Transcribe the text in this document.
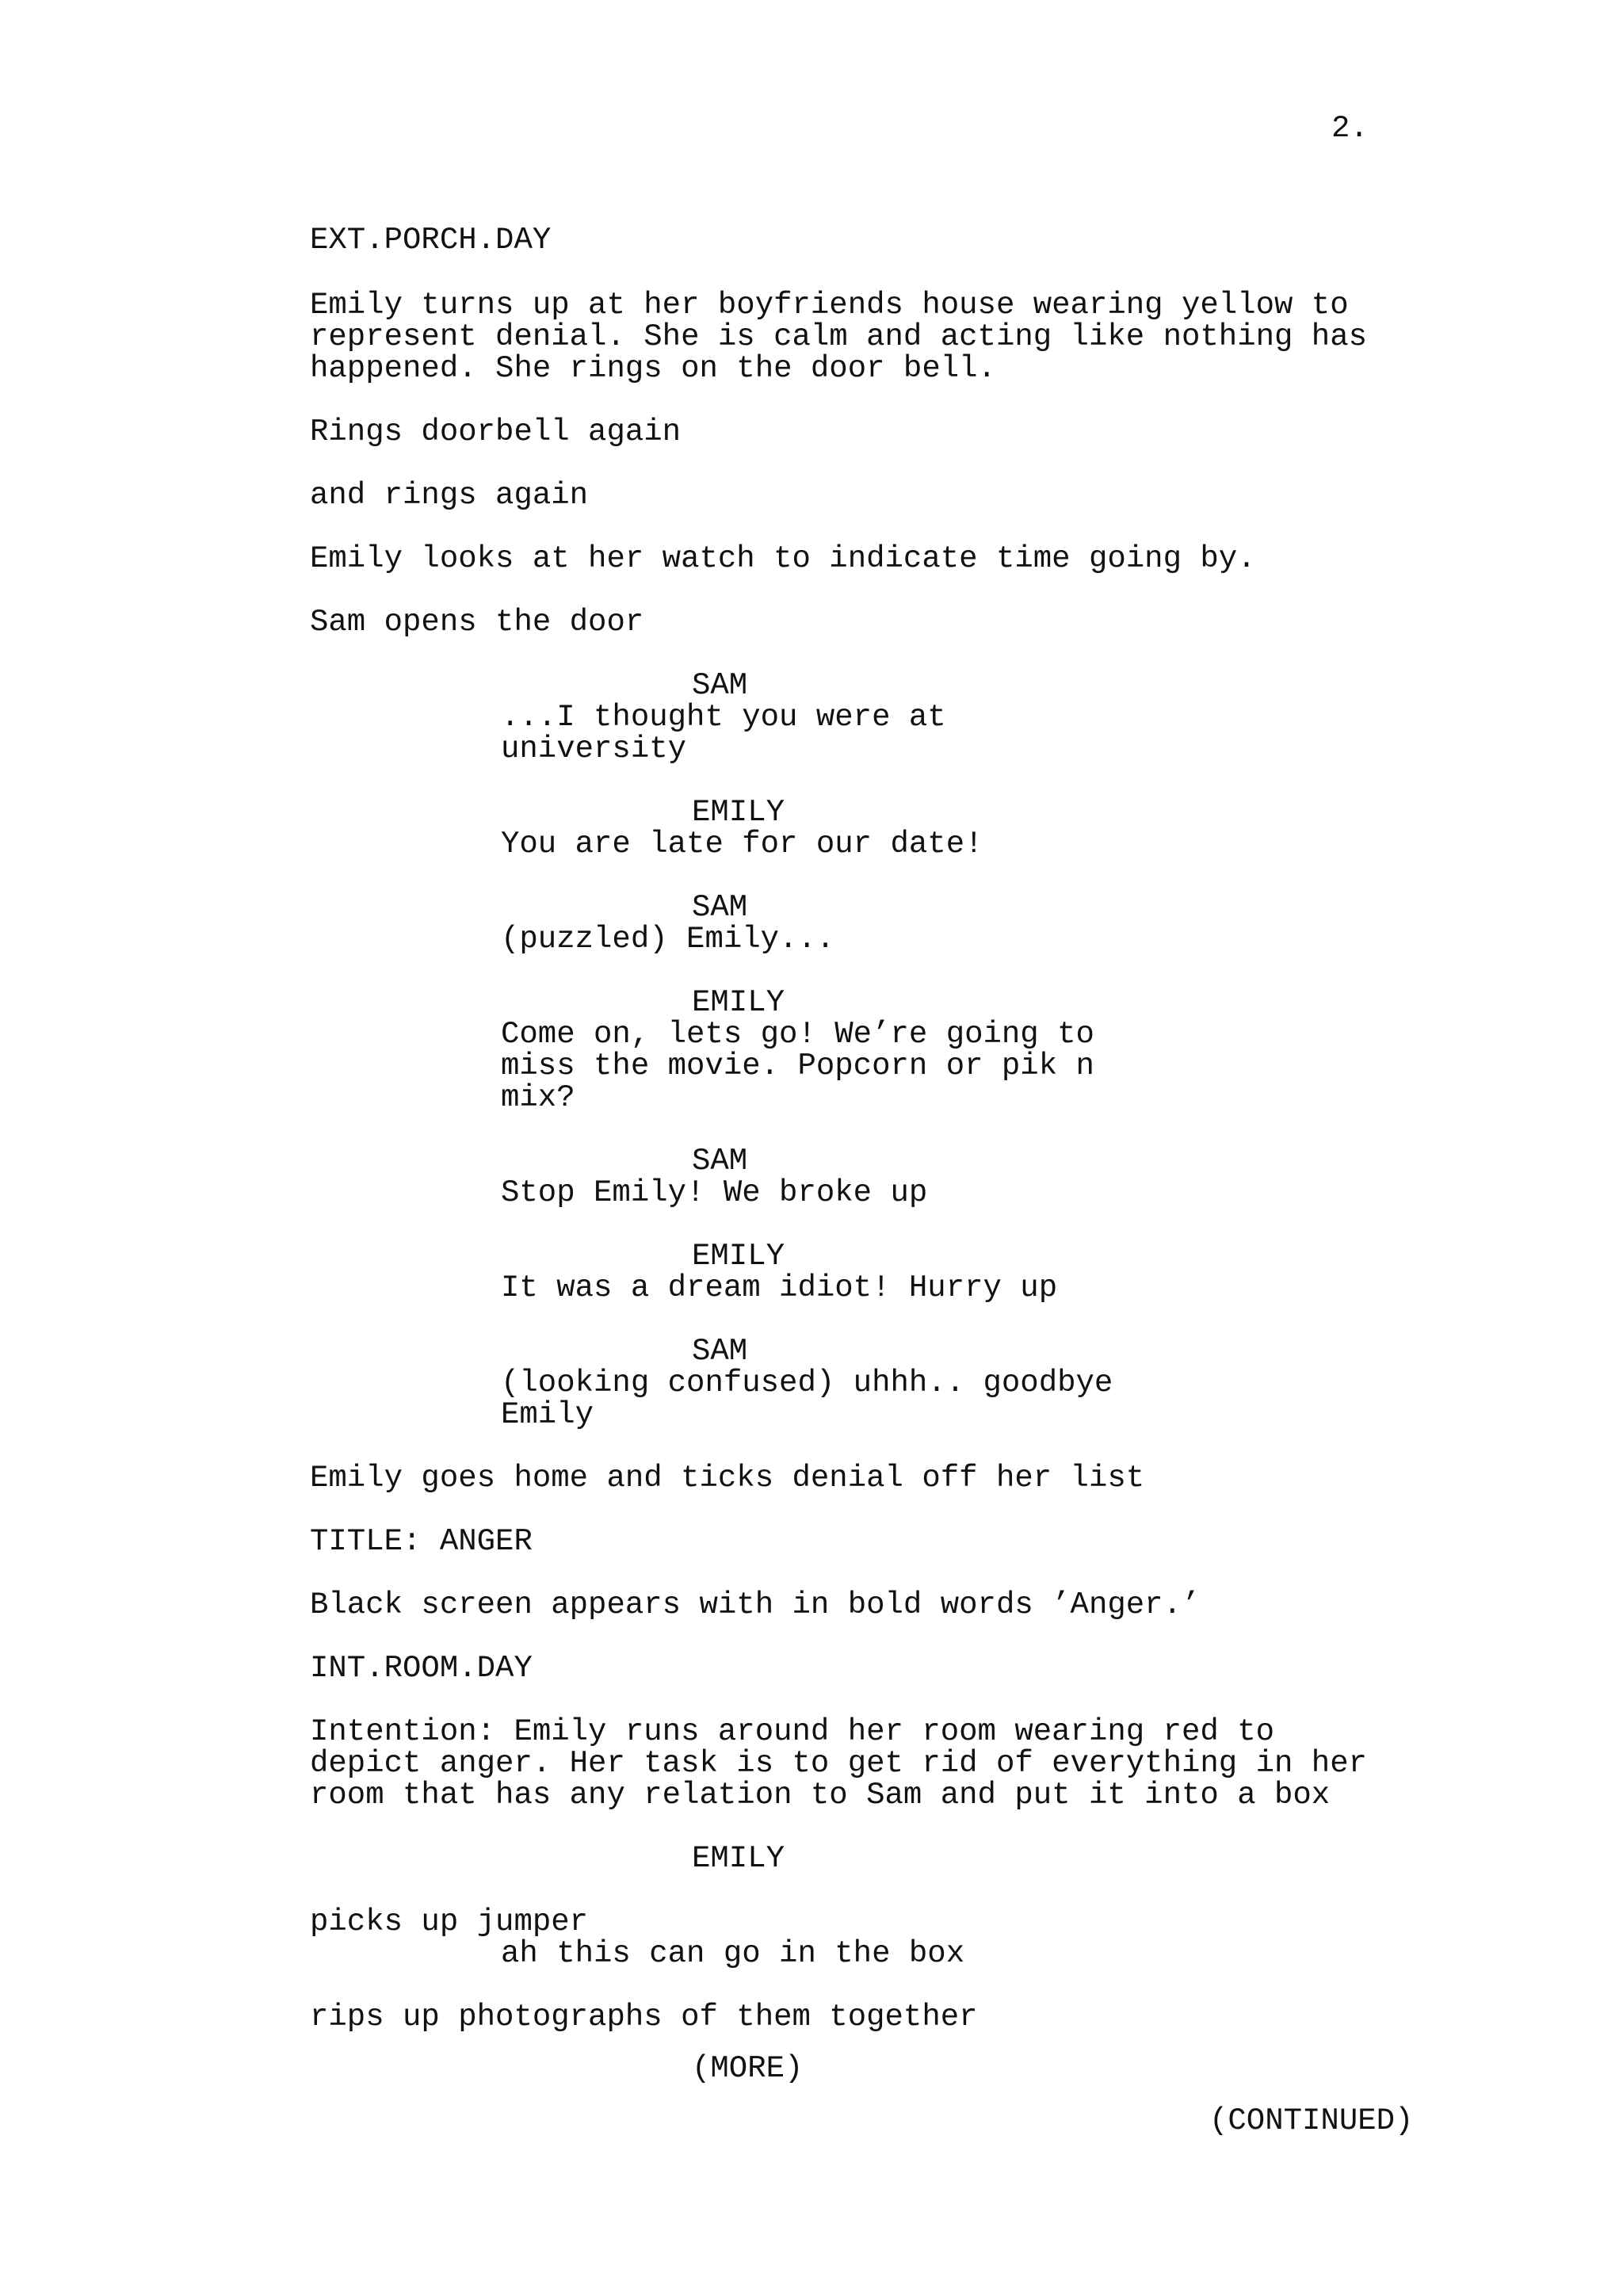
2.
EXT.PORCH.DAY
Emily turns up at her boyfriends house wearing yellow to
represent denial. She is calm and acting like nothing has
happened. She rings on the door bell.
Rings doorbell again
and rings again
Emily looks at her watch to indicate time going by.
Sam opens the door
SAM
...I thought you were at
university
EMILY
You are late for our date!
SAM
(puzzled) Emily...
EMILY
Come on, lets go! We’re going to
miss the movie. Popcorn or pik n
mix?
SAM
Stop Emily! We broke up
EMILY
It was a dream idiot! Hurry up
SAM
(looking confused) uhhh.. goodbye
Emily
Emily goes home and ticks denial off her list
TITLE: ANGER
Black screen appears with in bold words ’Anger.’
INT.ROOM.DAY
Intention: Emily runs around her room wearing red to
depict anger. Her task is to get rid of everything in her
room that has any relation to Sam and put it into a box
EMILY
picks up jumper
ah this can go in the box
rips up photographs of them together
(MORE)
(CONTINUED)
